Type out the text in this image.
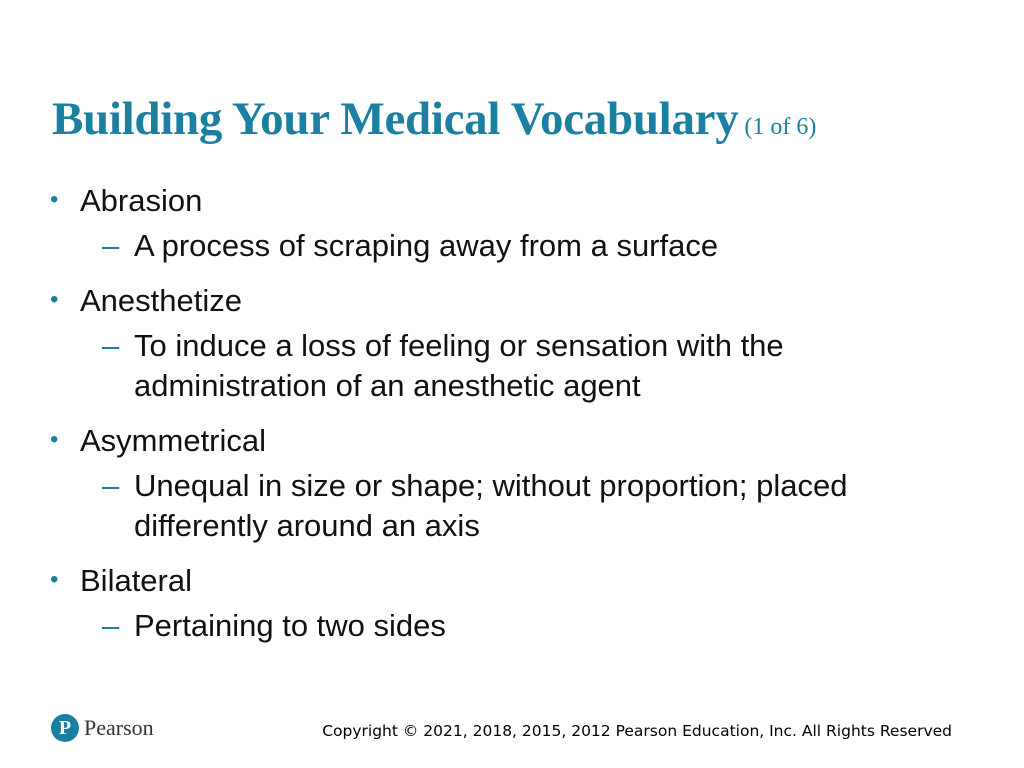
Building Your Medical Vocabulary (1 of 6)
• Abrasion
– A process of scraping away from a surface
• Anesthetize
– To induce a loss of feeling or sensation with the administration of an anesthetic agent
• Asymmetrical
– Unequal in size or shape; without proportion; placed differently around an axis
• Bilateral
– Pertaining to two sides
P Pearson	Copyright © 2021, 2018, 2015, 2012 Pearson Education, Inc. All Rights Reserved
